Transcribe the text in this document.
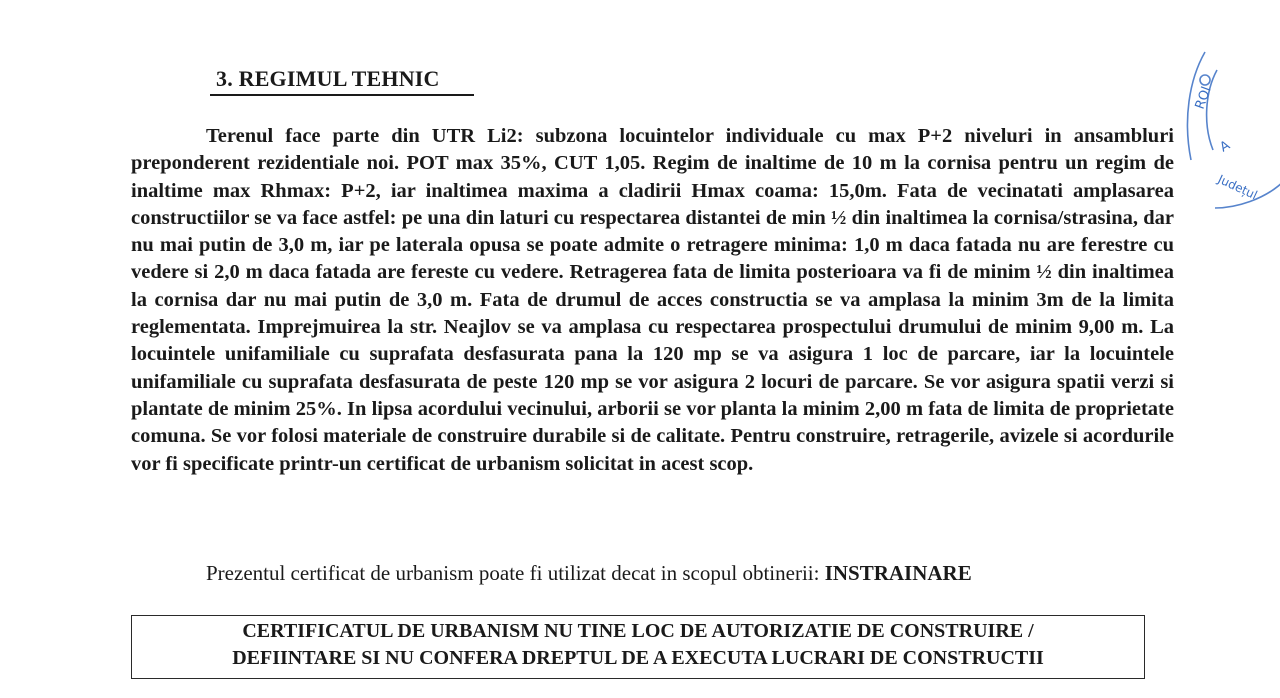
3. REGIMUL TEHNIC

Terenul face parte din UTR Li2: subzona locuintelor individuale cu max P+2 niveluri in ansambluri preponderent rezidentiale noi. POT max 35%, CUT 1,05. Regim de inaltime de 10 m la cornisa pentru un regim de inaltime max Rhmax: P+2, iar inaltimea maxima a cladirii Hmax coama: 15,0m. Fata de vecinatati amplasarea constructiilor se va face astfel: pe una din laturi cu respectarea distantei de min ½ din inaltimea la cornisa/strasina, dar nu mai putin de 3,0 m, iar pe laterala opusa se poate admite o retragere minima: 1,0 m daca fatada nu are ferestre cu vedere si 2,0 m daca fatada are fereste cu vedere. Retragerea fata de limita posterioara va fi de minim ½ din inaltimea la cornisa dar nu mai putin de 3,0 m. Fata de drumul de acces constructia se va amplasa la minim 3m de la limita reglementata. Imprejmuirea la str. Neajlov se va amplasa cu respectarea prospectului drumului de minim 9,00 m. La locuintele unifamiliale cu suprafata desfasurata pana la 120 mp se va asigura 1 loc de parcare, iar la locuintele unifamiliale cu suprafata desfasurata de peste 120 mp se vor asigura 2 locuri de parcare. Se vor asigura spatii verzi si plantate de minim 25%. In lipsa acordului vecinului, arborii se vor planta la minim 2,00 m fata de limita de proprietate comuna. Se vor folosi materiale de construire durabile si de calitate. Pentru construire, retragerile, avizele si acordurile vor fi specificate printr-un certificat de urbanism solicitat in acest scop.

Prezentul certificat de urbanism poate fi utilizat decat in scopul obtinerii: INSTRAINARE

CERTIFICATUL DE URBANISM NU TINE LOC DE AUTORIZATIE DE CONSTRUIRE /

DEFIINTARE SI NU CONFERA DREPTUL DE A EXECUTA LUCRARI DE CONSTRUCTII

ROl
A
Județul
